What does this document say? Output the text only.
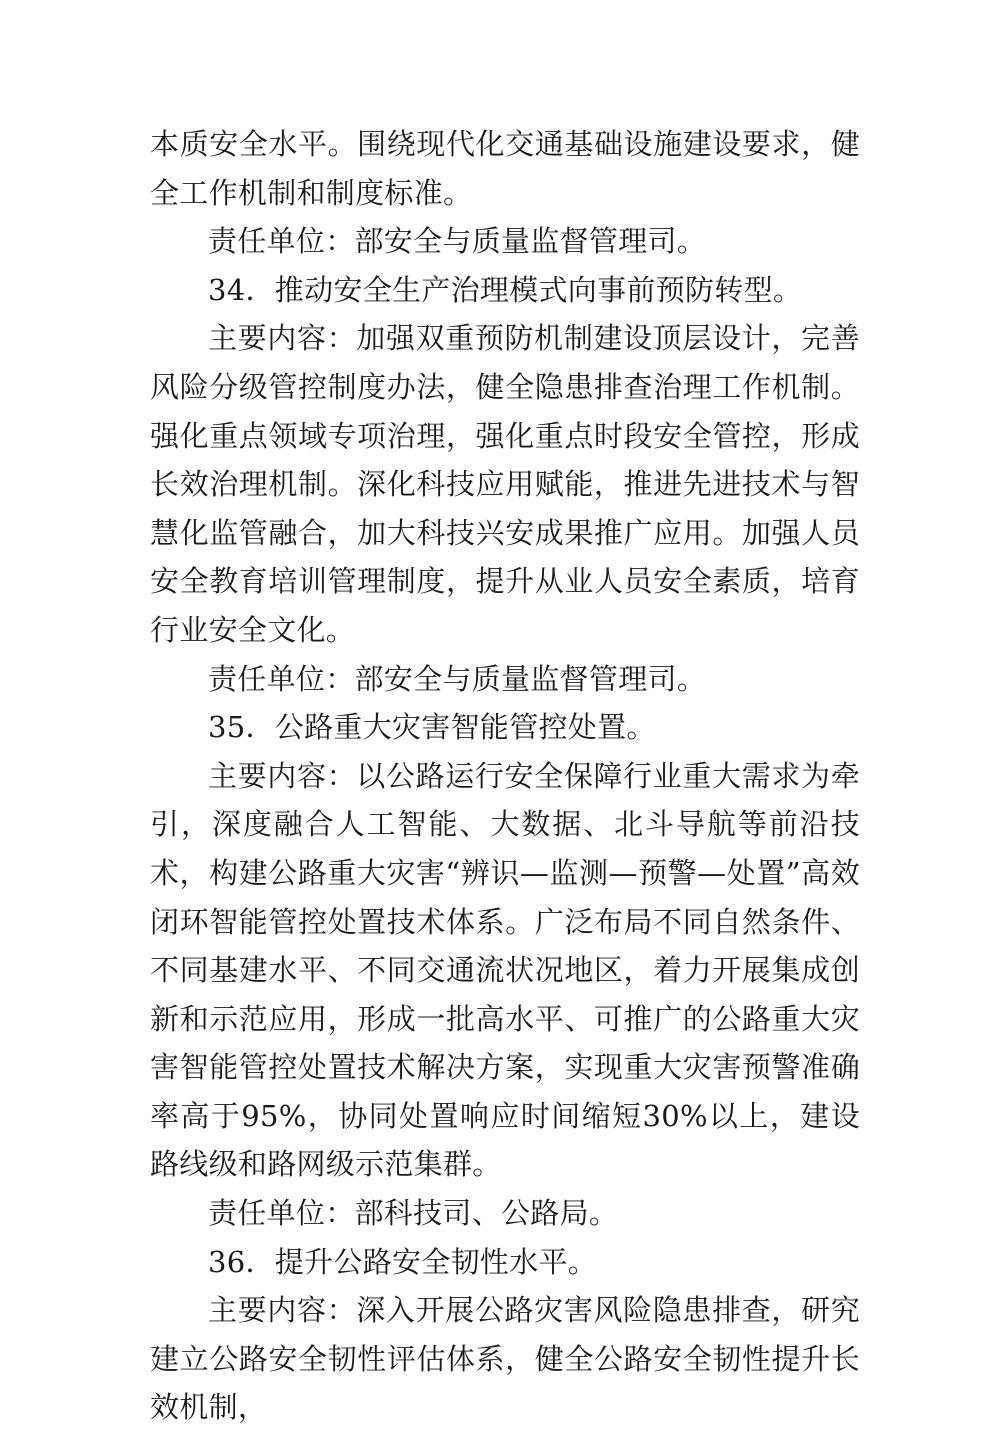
本质安全水平。围绕现代化交通基础设施建设要求，健全工作机制和制度标准。

责任单位：部安全与质量监督管理司。

34．推动安全生产治理模式向事前预防转型。

主要内容：加强双重预防机制建设顶层设计，完善风险分级管控制度办法，健全隐患排查治理工作机制。强化重点领域专项治理，强化重点时段安全管控，形成长效治理机制。深化科技应用赋能，推进先进技术与智慧化监管融合，加大科技兴安成果推广应用。加强人员安全教育培训管理制度，提升从业人员安全素质，培育行业安全文化。

责任单位：部安全与质量监督管理司。

35．公路重大灾害智能管控处置。

主要内容：以公路运行安全保障行业重大需求为牵引，深度融合人工智能、大数据、北斗导航等前沿技术，构建公路重大灾害“辨识—监测—预警—处置”高效闭环智能管控处置技术体系。广泛布局不同自然条件、不同基建水平、不同交通流状况地区，着力开展集成创新和示范应用，形成一批高水平、可推广的公路重大灾害智能管控处置技术解决方案，实现重大灾害预警准确率高于95%，协同处置响应时间缩短30%以上，建设路线级和路网级示范集群。

责任单位：部科技司、公路局。

36．提升公路安全韧性水平。

主要内容：深入开展公路灾害风险隐患排查，研究建立公路安全韧性评估体系，健全公路安全韧性提升长效机制，
